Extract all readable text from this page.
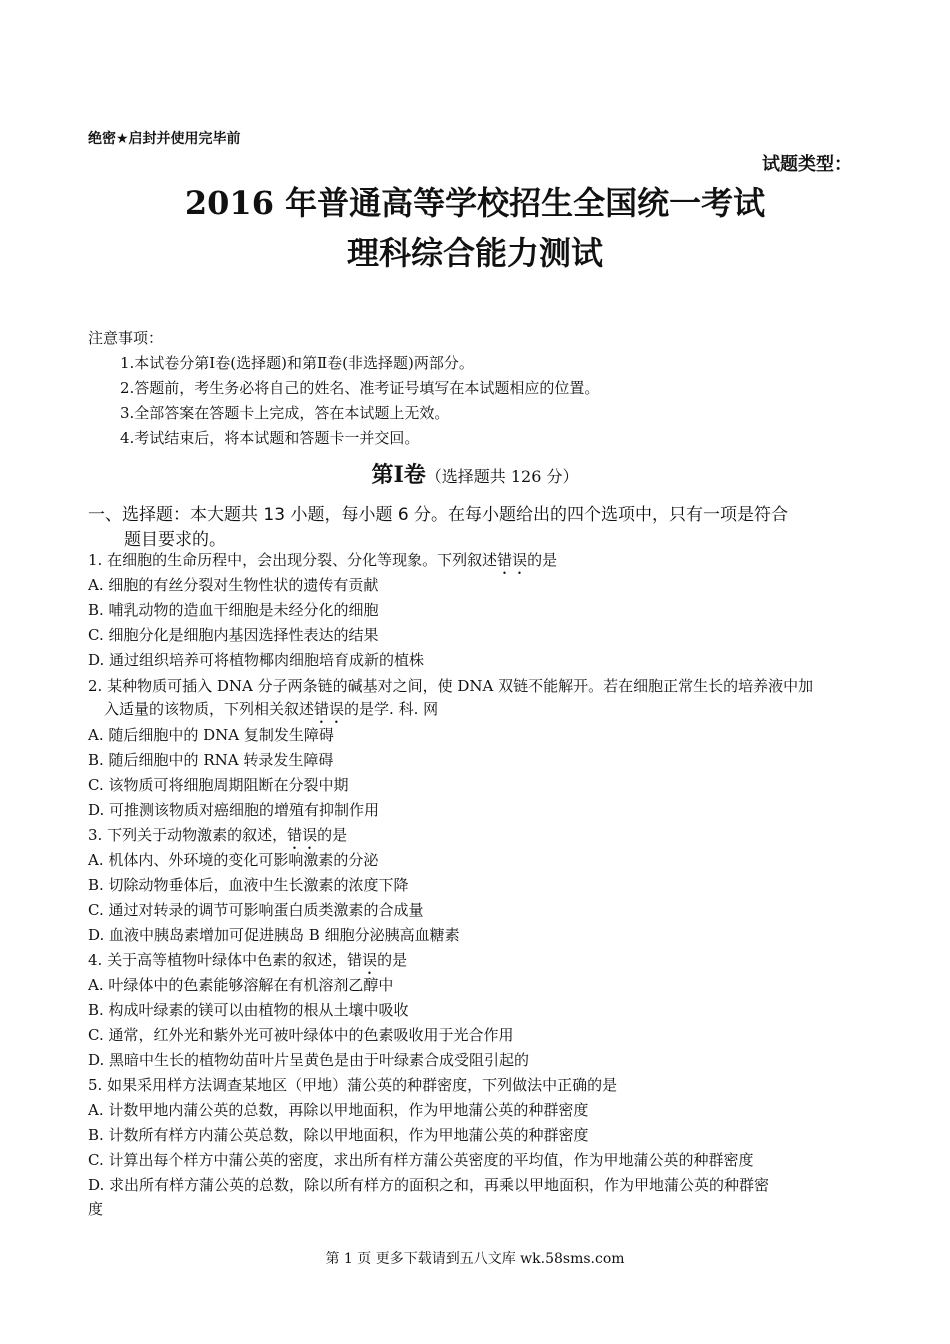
绝密★启封并使用完毕前
试题类型：
2016 年普通高等学校招生全国统一考试
理科综合能力测试
注意事项：
1.本试卷分第Ⅰ卷(选择题)和第Ⅱ卷(非选择题)两部分。
2.答题前，考生务必将自己的姓名、准考证号填写在本试题相应的位置。
3.全部答案在答题卡上完成，答在本试题上无效。
4.考试结束后，将本试题和答题卡一并交回。
第Ⅰ卷（选择题共 126 分）
一、选择题：本大题共 13 小题，每小题 6 分。在每小题给出的四个选项中，只有一项是符合
题目要求的。
1. 在细胞的生命历程中，会出现分裂、分化等现象。下列叙述错误的是
A. 细胞的有丝分裂对生物性状的遗传有贡献
B. 哺乳动物的造血干细胞是未经分化的细胞
C. 细胞分化是细胞内基因选择性表达的结果
D. 通过组织培养可将植物椰肉细胞培育成新的植株
2. 某种物质可插入 DNA 分子两条链的碱基对之间，使 DNA 双链不能解开。若在细胞正常生长的培养液中加
入适量的该物质，下列相关叙述错误的是学. 科. 网
A. 随后细胞中的 DNA 复制发生障碍
B. 随后细胞中的 RNA 转录发生障碍
C. 该物质可将细胞周期阻断在分裂中期
D. 可推测该物质对癌细胞的增殖有抑制作用
3. 下列关于动物激素的叙述，错误的是
A. 机体内、外环境的变化可影响激素的分泌
B. 切除动物垂体后，血液中生长激素的浓度下降
C. 通过对转录的调节可影响蛋白质类激素的合成量
D. 血液中胰岛素增加可促进胰岛 B 细胞分泌胰高血糖素
4. 关于高等植物叶绿体中色素的叙述，错误的是
A. 叶绿体中的色素能够溶解在有机溶剂乙醇中
B. 构成叶绿素的镁可以由植物的根从土壤中吸收
C. 通常，红外光和紫外光可被叶绿体中的色素吸收用于光合作用
D. 黑暗中生长的植物幼苗叶片呈黄色是由于叶绿素合成受阻引起的
5. 如果采用样方法调查某地区（甲地）蒲公英的种群密度，下列做法中正确的是
A. 计数甲地内蒲公英的总数，再除以甲地面积，作为甲地蒲公英的种群密度
B. 计数所有样方内蒲公英总数，除以甲地面积，作为甲地蒲公英的种群密度
C. 计算出每个样方中蒲公英的密度，求出所有样方蒲公英密度的平均值，作为甲地蒲公英的种群密度
D. 求出所有样方蒲公英的总数，除以所有样方的面积之和，再乘以甲地面积，作为甲地蒲公英的种群密
度
第 1 页 更多下载请到五八文库 wk.58sms.com
